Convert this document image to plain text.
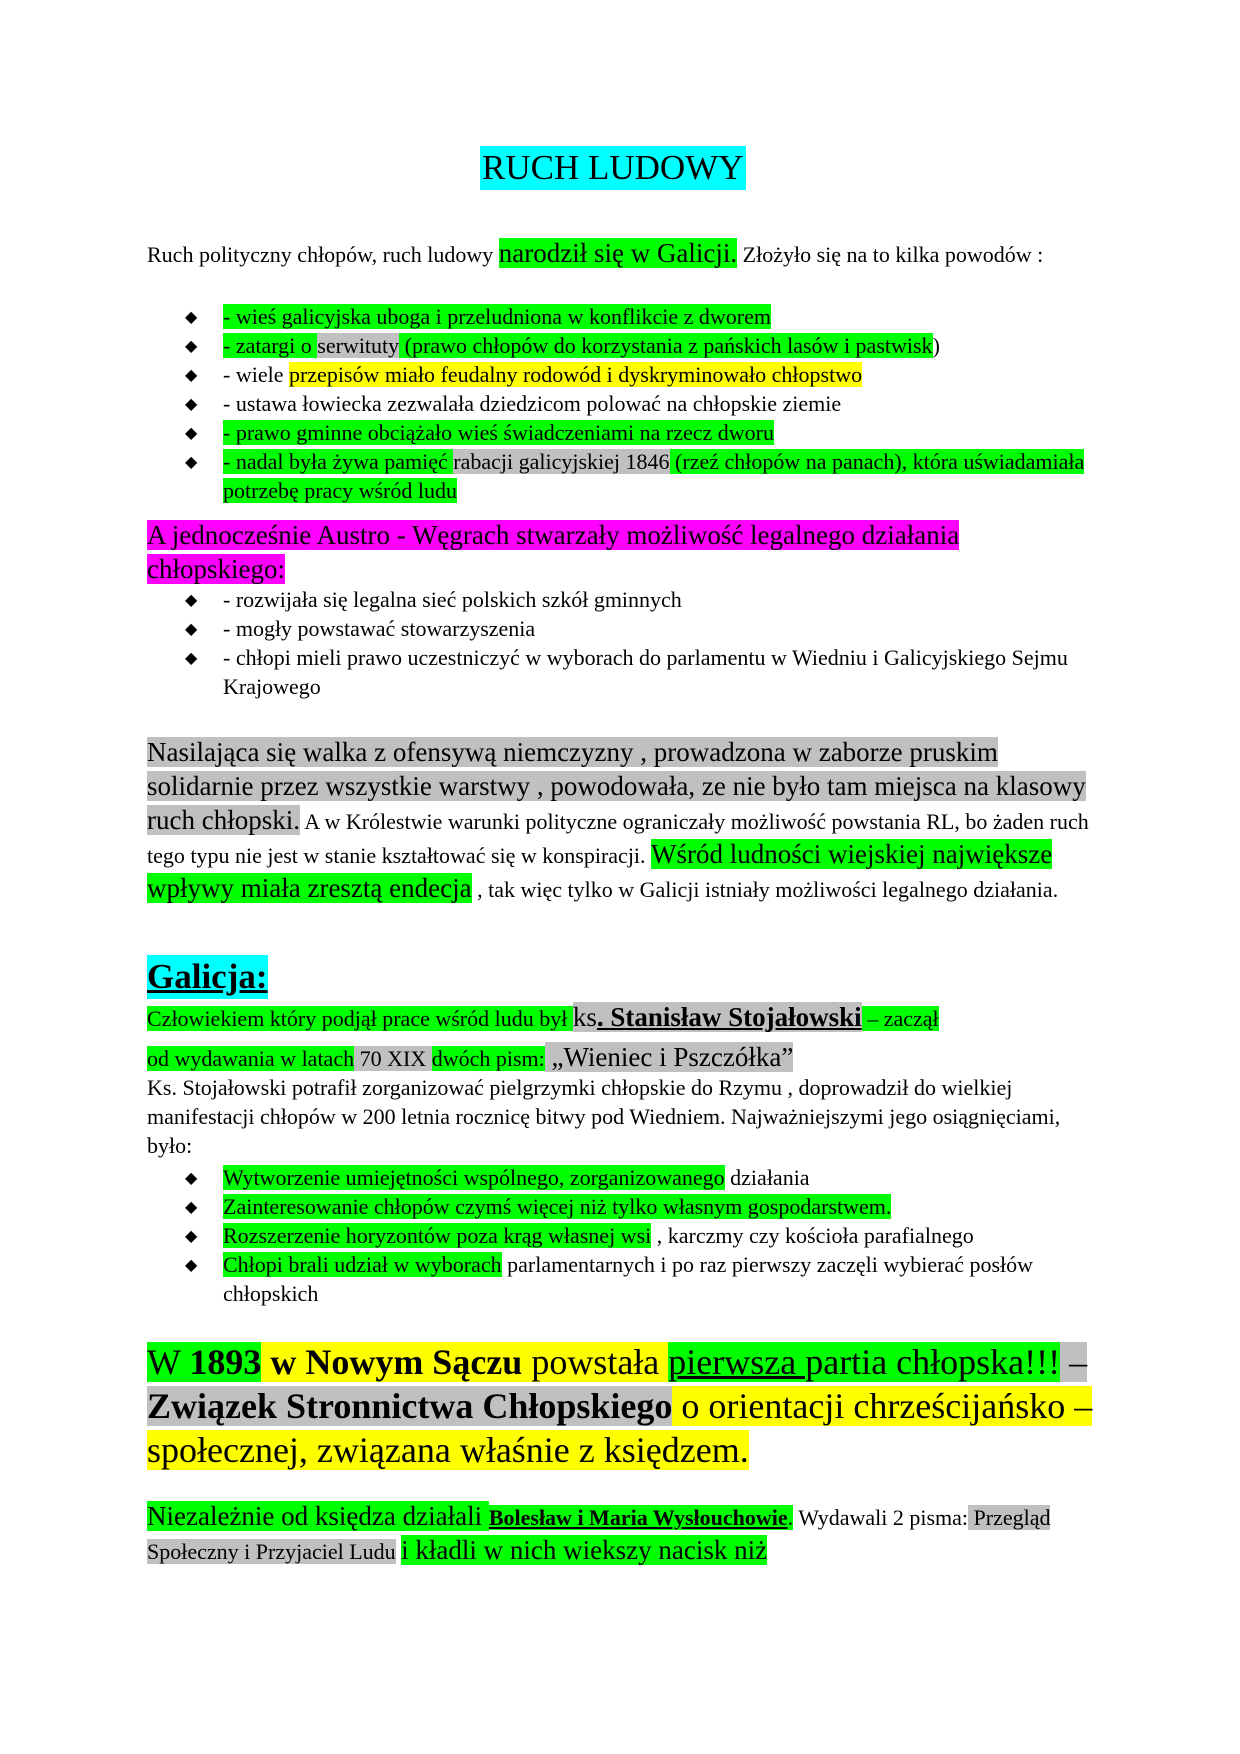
RUCH LUDOWY
Ruch polityczny chłopów, ruch ludowy narodził się w Galicji. Złożyło się na to kilka powodów :
◆ - wieś galicyjska uboga i przeludniona w konflikcie z dworem
◆ - zatargi o serwituty (prawo chłopów do korzystania z pańskich lasów i pastwisk)
◆ - wiele przepisów miało feudalny rodowód i dyskryminowało chłopstwo
◆ - ustawa łowiecka zezwalała dziedzicom polować na chłopskie ziemie
◆ - prawo gminne obciążało wieś świadczeniami na rzecz dworu
◆ - nadal była żywa pamięć rabacji galicyjskiej 1846 (rzeź chłopów na panach), która uświadamiała potrzebę pracy wśród ludu
A jednocześnie Austro - Węgrach stwarzały możliwość legalnego działania chłopskiego:
◆ - rozwijała się legalna sieć polskich szkół gminnych
◆ - mogły powstawać stowarzyszenia
◆ - chłopi mieli prawo uczestniczyć w wyborach do parlamentu w Wiedniu i Galicyjskiego Sejmu Krajowego
Nasilająca się walka z ofensywą niemczyzny , prowadzona w zaborze pruskim solidarnie przez wszystkie warstwy , powodowała, ze nie było tam miejsca na klasowy ruch chłopski. A w Królestwie warunki polityczne ograniczały możliwość powstania RL, bo żaden ruch tego typu nie jest w stanie kształtować się w konspiracji. Wśród ludności wiejskiej największe wpływy miała zresztą endecja , tak więc tylko w Galicji istniały możliwości legalnego działania.
Galicja:
Człowiekiem który podjął prace wśród ludu był ks. Stanisław Stojałowski – zaczął
od wydawania w latach 70 XIX dwóch pism: „Wieniec i Pszczółka”
Ks. Stojałowski potrafił zorganizować pielgrzymki chłopskie do Rzymu , doprowadził do wielkiej manifestacji chłopów w 200 letnia rocznicę bitwy pod Wiedniem. Najważniejszymi jego osiągnięciami, było:
◆ Wytworzenie umiejętności wspólnego, zorganizowanego działania
◆ Zainteresowanie chłopów czymś więcej niż tylko własnym gospodarstwem.
◆ Rozszerzenie horyzontów poza krąg własnej wsi , karczmy czy kościoła parafialnego
◆ Chłopi brali udział w wyborach parlamentarnych i po raz pierwszy zaczęli wybierać posłów chłopskich
W 1893 w Nowym Sączu powstała pierwsza partia chłopska!!! – Związek Stronnictwa Chłopskiego o orientacji chrześcijańsko – społecznej, związana właśnie z księdzem.
Niezależnie od księdza działali Bolesław i Maria Wysłouchowie. Wydawali 2 pisma: Przegląd Społeczny i Przyjaciel Ludu i kładli w nich wiekszy nacisk niż
